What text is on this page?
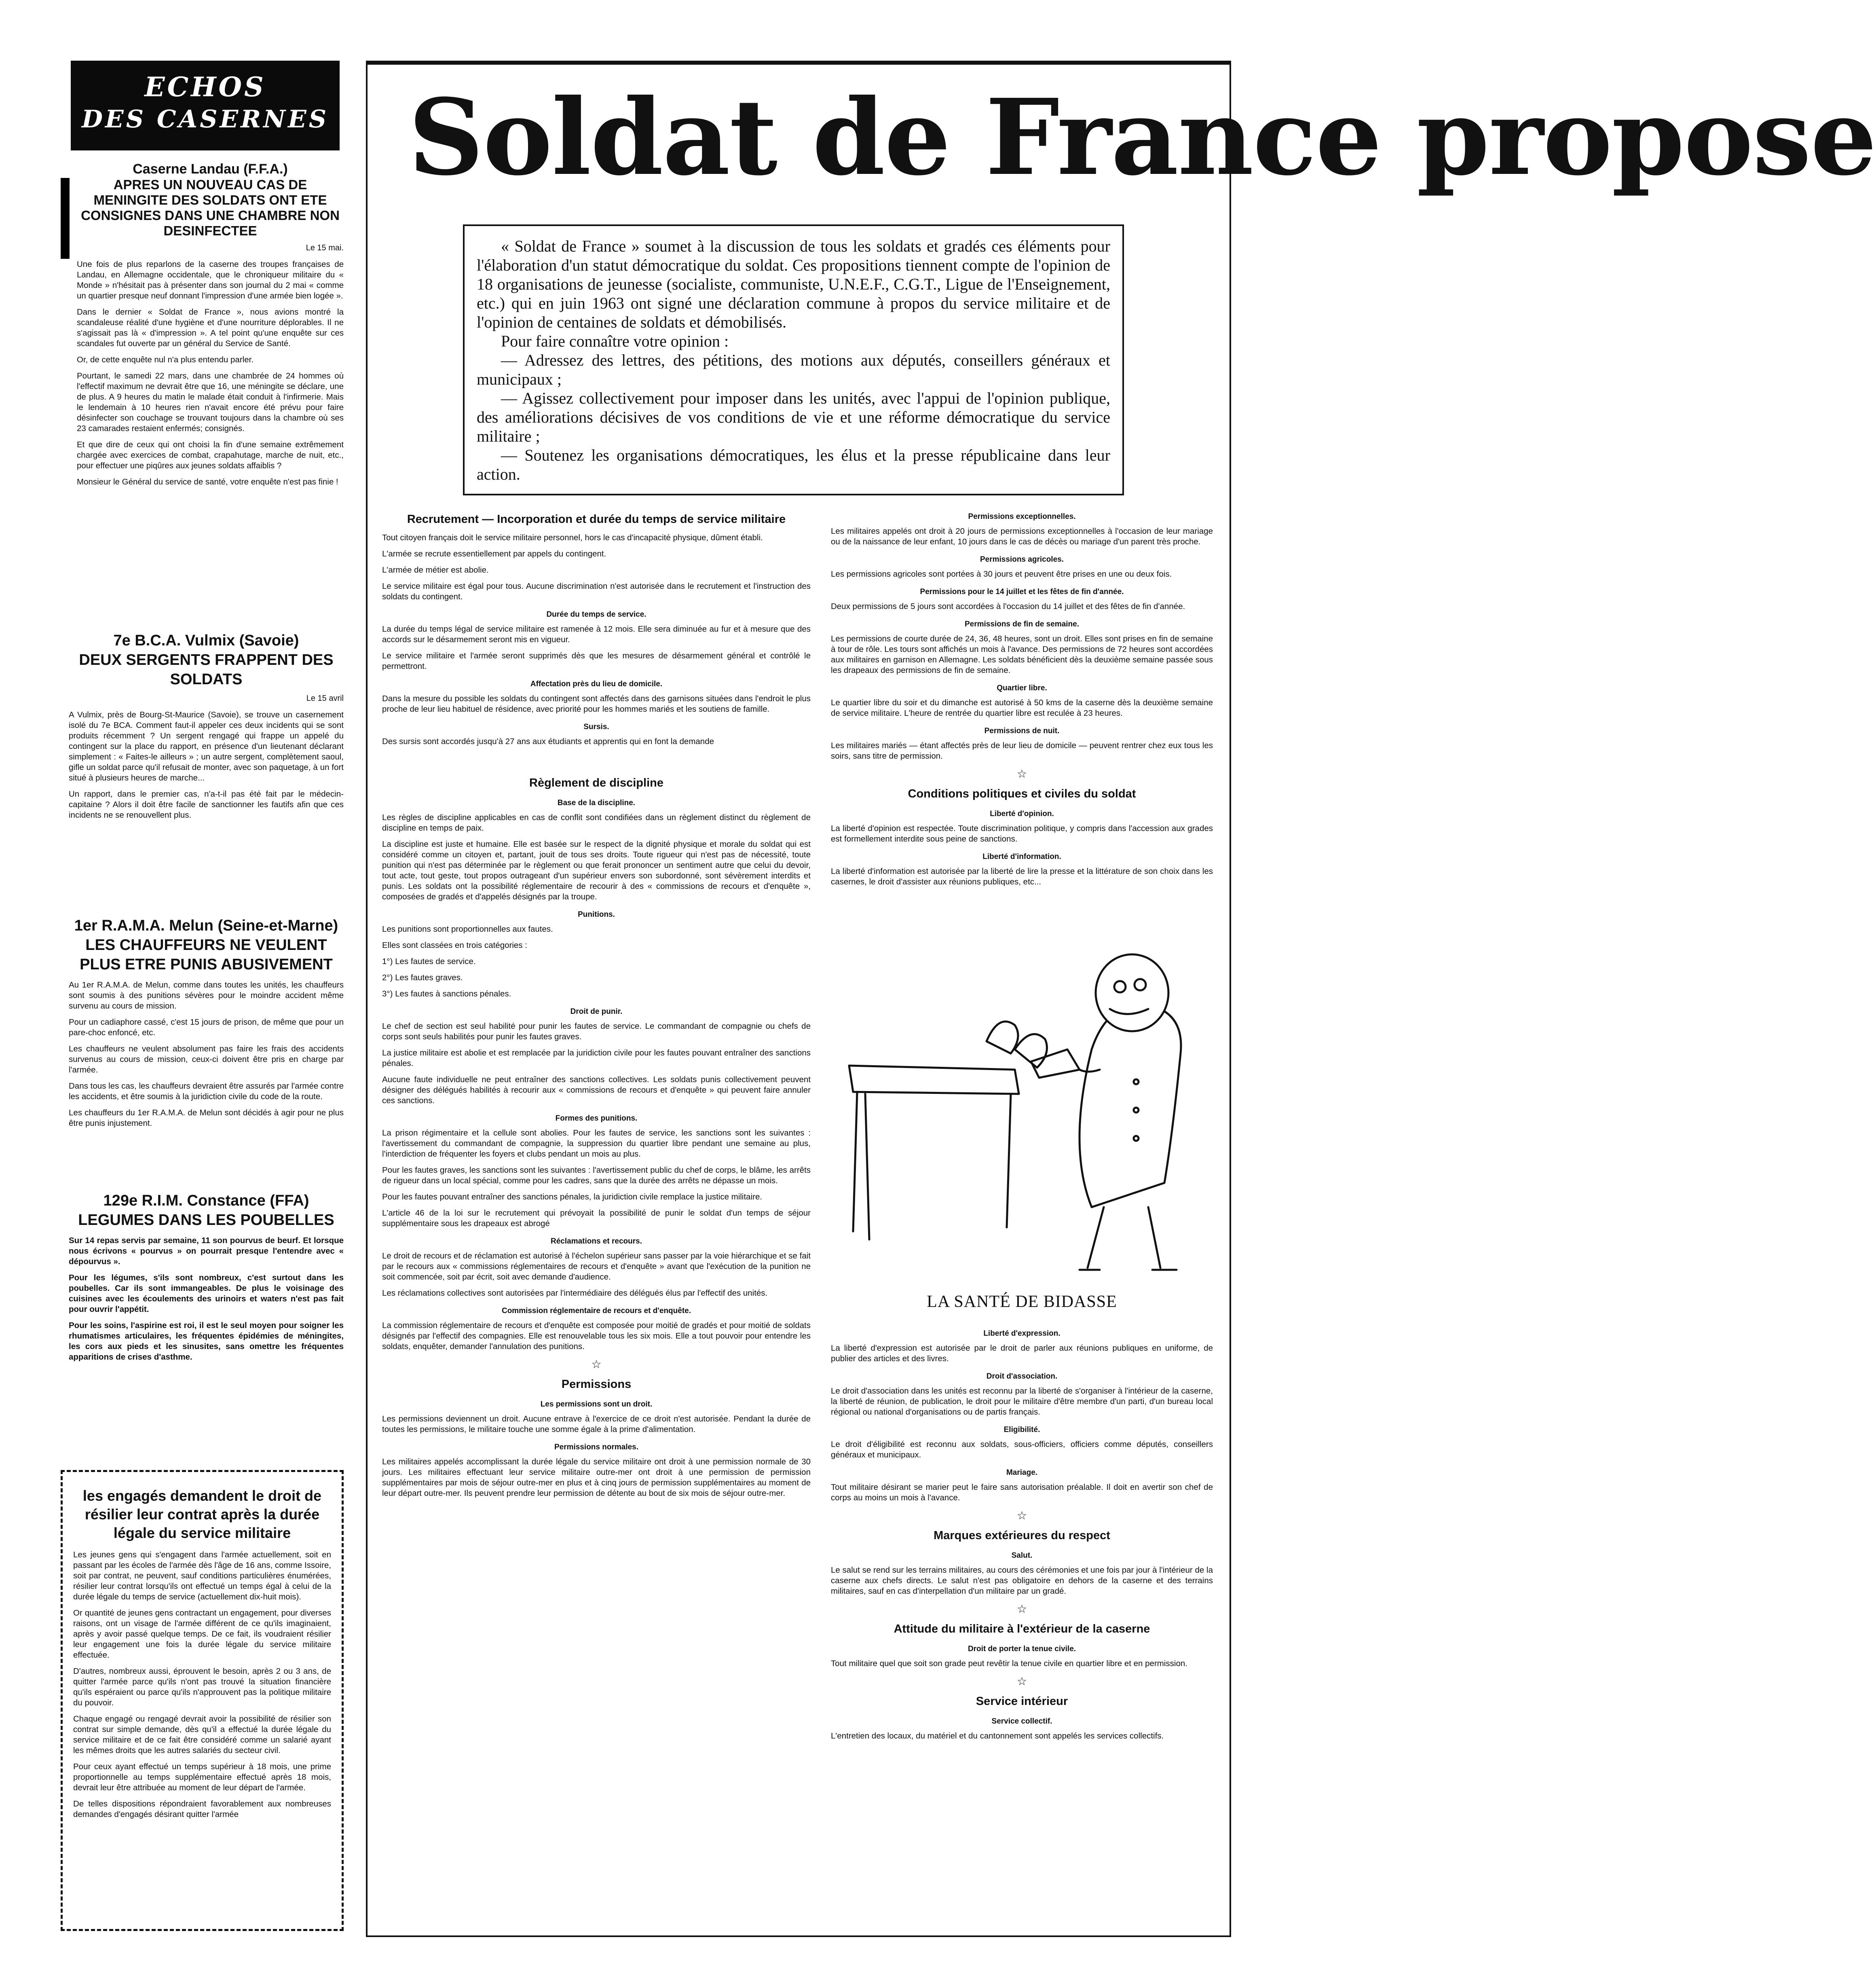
ECHOS
DES CASERNES

Caserne Landau (F.F.A.)

APRES UN NOUVEAU CAS DE MENINGITE DES SOLDATS ONT ETE CONSIGNES DANS UNE CHAMBRE NON DESINFECTEE

Le 15 mai.

Une fois de plus reparlons de la caserne des troupes françaises de Landau, en Allemagne occidentale, que le chroniqueur militaire du « Monde » n'hésitait pas à présenter dans son journal du 2 mai « comme un quartier presque neuf donnant l'impression d'une armée bien logée ».

Dans le dernier « Soldat de France », nous avions montré la scandaleuse réalité d'une hygiène et d'une nourriture déplorables. Il ne s'agissait pas là « d'impression ». A tel point qu'une enquête sur ces scandales fut ouverte par un général du Service de Santé.

Or, de cette enquête nul n'a plus entendu parler.

Pourtant, le samedi 22 mars, dans une chambrée de 24 hommes où l'effectif maximum ne devrait être que 16, une méningite se déclare, une de plus. A 9 heures du matin le malade était conduit à l'infirmerie. Mais le lendemain à 10 heures rien n'avait encore été prévu pour faire désinfecter son couchage se trouvant toujours dans la chambre où ses 23 camarades restaient enfermés; consignés.

Et que dire de ceux qui ont choisi la fin d'une semaine extrêmement chargée avec exercices de combat, crapahutage, marche de nuit, etc., pour effectuer une piqûres aux jeunes soldats affaiblis ?

Monsieur le Général du service de santé, votre enquête n'est pas finie !

7e B.C.A. Vulmix (Savoie)

DEUX SERGENTS FRAPPENT DES SOLDATS

Le 15 avril

A Vulmix, près de Bourg-St-Maurice (Savoie), se trouve un casernement isolé du 7e BCA. Comment faut-il appeler ces deux incidents qui se sont produits récemment ? Un sergent rengagé qui frappe un appelé du contingent sur la place du rapport, en présence d'un lieutenant déclarant simplement : « Faites-le ailleurs » ; un autre sergent, complètement saoul, gifle un soldat parce qu'il refusait de monter, avec son paquetage, à un fort situé à plusieurs heures de marche...

Un rapport, dans le premier cas, n'a-t-il pas été fait par le médecin-capitaine ? Alors il doit être facile de sanctionner les fautifs afin que ces incidents ne se renouvellent plus.

1er R.A.M.A. Melun (Seine-et-Marne)

LES CHAUFFEURS NE VEULENT PLUS ETRE PUNIS ABUSIVEMENT

Au 1er R.A.M.A. de Melun, comme dans toutes les unités, les chauffeurs sont soumis à des punitions sévères pour le moindre accident même survenu au cours de mission.

Pour un cadiaphore cassé, c'est 15 jours de prison, de même que pour un pare-choc enfoncé, etc.

Les chauffeurs ne veulent absolument pas faire les frais des accidents survenus au cours de mission, ceux-ci doivent être pris en charge par l'armée.

Dans tous les cas, les chauffeurs devraient être assurés par l'armée contre les accidents, et être soumis à la juridiction civile du code de la route.

Les chauffeurs du 1er R.A.M.A. de Melun sont décidés à agir pour ne plus être punis injustement.

129e R.I.M. Constance (FFA)

LEGUMES DANS LES POUBELLES

Sur 14 repas servis par semaine, 11 son pourvus de beurf. Et lorsque nous écrivons « pourvus » on pourrait presque l'entendre avec « dépourvus ».

Pour les légumes, s'ils sont nombreux, c'est surtout dans les poubelles. Car ils sont immangeables. De plus le voisinage des cuisines avec les écoulements des urinoirs et waters n'est pas fait pour ouvrir l'appétit.

Pour les soins, l'aspirine est roi, il est le seul moyen pour soigner les rhumatismes articulaires, les fréquentes épidémies de méningites, les cors aux pieds et les sinusites, sans omettre les fréquentes apparitions de crises d'asthme.

les engagés demandent le droit de résilier leur contrat après la durée légale du service militaire

Les jeunes gens qui s'engagent dans l'armée actuellement, soit en passant par les écoles de l'armée dès l'âge de 16 ans, comme Issoire, soit par contrat, ne peuvent, sauf conditions particulières énumérées, résilier leur contrat lorsqu'ils ont effectué un temps égal à celui de la durée légale du temps de service (actuellement dix-huit mois).

Or quantité de jeunes gens contractant un engagement, pour diverses raisons, ont un visage de l'armée différent de ce qu'ils imaginaient, après y avoir passé quelque temps. De ce fait, ils voudraient résilier leur engagement une fois la durée légale du service militaire effectuée.

D'autres, nombreux aussi, éprouvent le besoin, après 2 ou 3 ans, de quitter l'armée parce qu'ils n'ont pas trouvé la situation financière qu'ils espéraient ou parce qu'ils n'approuvent pas la politique militaire du pouvoir.

Chaque engagé ou rengagé devrait avoir la possibilité de résilier son contrat sur simple demande, dès qu'il a effectué la durée légale du service militaire et de ce fait être considéré comme un salarié ayant les mêmes droits que les autres salariés du secteur civil.

Pour ceux ayant effectué un temps supérieur à 18 mois, une prime proportionnelle au temps supplémentaire effectué après 18 mois, devrait leur être attribuée au moment de leur départ de l'armée.

De telles dispositions répondraient favorablement aux nombreuses demandes d'engagés désirant quitter l'armée

Soldat de France propose

« Soldat de France » soumet à la discussion de tous les soldats et gradés ces éléments pour l'élaboration d'un statut démocratique du soldat. Ces propositions tiennent compte de l'opinion de 18 organisations de jeunesse (socialiste, communiste, U.N.E.F., C.G.T., Ligue de l'Enseignement, etc.) qui en juin 1963 ont signé une déclaration commune à propos du service militaire et de l'opinion de centaines de soldats et démobilisés.

Pour faire connaître votre opinion :

— Adressez des lettres, des pétitions, des motions aux députés, conseillers généraux et municipaux ;

— Agissez collectivement pour imposer dans les unités, avec l'appui de l'opinion publique, des améliorations décisives de vos conditions de vie et une réforme démocratique du service militaire ;

— Soutenez les organisations démocratiques, les élus et la presse républicaine dans leur action.

Recrutement — Incorporation et durée du temps de service militaire

Tout citoyen français doit le service militaire personnel, hors le cas d'incapacité physique, dûment établi.

L'armée se recrute essentiellement par appels du contingent.

L'armée de métier est abolie.

Le service militaire est égal pour tous. Aucune discrimination n'est autorisée dans le recrutement et l'instruction des soldats du contingent.

Durée du temps de service.

La durée du temps légal de service militaire est ramenée à 12 mois. Elle sera diminuée au fur et à mesure que des accords sur le désarmement seront mis en vigueur.

Le service militaire et l'armée seront supprimés dès que les mesures de désarmement général et contrôlé le permettront.

Affectation près du lieu de domicile.

Dans la mesure du possible les soldats du contingent sont affectés dans des garnisons situées dans l'endroit le plus proche de leur lieu habituel de résidence, avec priorité pour les hommes mariés et les soutiens de famille.

Sursis.

Des sursis sont accordés jusqu'à 27 ans aux étudiants et apprentis qui en font la demande

Règlement de discipline
Base de la discipline.

Les règles de discipline applicables en cas de conflit sont condifiées dans un règlement distinct du règlement de discipline en temps de paix.

La discipline est juste et humaine. Elle est basée sur le respect de la dignité physique et morale du soldat qui est considéré comme un citoyen et, partant, jouit de tous ses droits. Toute rigueur qui n'est pas de nécessité, toute punition qui n'est pas déterminée par le règlement ou que ferait prononcer un sentiment autre que celui du devoir, tout acte, tout geste, tout propos outrageant d'un supérieur envers son subordonné, sont sévèrement interdits et punis. Les soldats ont la possibilité réglementaire de recourir à des « commissions de recours et d'enquête », composées de gradés et d'appelés désignés par la troupe.

Punitions.

Les punitions sont proportionnelles aux fautes.

Elles sont classées en trois catégories :

1°) Les fautes de service.

2°) Les fautes graves.

3°) Les fautes à sanctions pénales.

Droit de punir.

Le chef de section est seul habilité pour punir les fautes de service. Le commandant de compagnie ou chefs de corps sont seuls habilités pour punir les fautes graves.

La justice militaire est abolie et est remplacée par la juridiction civile pour les fautes pouvant entraîner des sanctions pénales.

Aucune faute individuelle ne peut entraîner des sanctions collectives. Les soldats punis collectivement peuvent désigner des délégués habilités à recourir aux « commissions de recours et d'enquête » qui peuvent faire annuler ces sanctions.

Formes des punitions.

La prison régimentaire et la cellule sont abolies. Pour les fautes de service, les sanctions sont les suivantes : l'avertissement du commandant de compagnie, la suppression du quartier libre pendant une semaine au plus, l'interdiction de fréquenter les foyers et clubs pendant un mois au plus.

Pour les fautes graves, les sanctions sont les suivantes : l'avertissement public du chef de corps, le blâme, les arrêts de rigueur dans un local spécial, comme pour les cadres, sans que la durée des arrêts ne dépasse un mois.

Pour les fautes pouvant entraîner des sanctions pénales, la juridiction civile remplace la justice militaire.

L'article 46 de la loi sur le recrutement qui prévoyait la possibilité de punir le soldat d'un temps de séjour supplémentaire sous les drapeaux est abrogé

Réclamations et recours.

Le droit de recours et de réclamation est autorisé à l'échelon supérieur sans passer par la voie hiérarchique et se fait par le recours aux « commissions réglementaires de recours et d'enquête » avant que l'exécution de la punition ne soit commencée, soit par écrit, soit avec demande d'audience.

Les réclamations collectives sont autorisées par l'intermédiaire des délégués élus par l'effectif des unités.

Commission réglementaire de recours et d'enquête.

La commission réglementaire de recours et d'enquête est composée pour moitié de gradés et pour moitié de soldats désignés par l'effectif des compagnies. Elle est renouvelable tous les six mois. Elle a tout pouvoir pour entendre les soldats, enquêter, demander l'annulation des punitions.

☆
Permissions
Les permissions sont un droit.

Les permissions deviennent un droit. Aucune entrave à l'exercice de ce droit n'est autorisée. Pendant la durée de toutes les permissions, le militaire touche une somme égale à la prime d'alimentation.

Permissions normales.

Les militaires appelés accomplissant la durée légale du service militaire ont droit à une permission normale de 30 jours. Les militaires effectuant leur service militaire outre-mer ont droit à une permission de permission supplémentaires par mois de séjour outre-mer en plus et à cinq jours de permission supplémentaires au moment de leur départ outre-mer. Ils peuvent prendre leur permission de détente au bout de six mois de séjour outre-mer.

Permissions exceptionnelles.

Les militaires appelés ont droit à 20 jours de permissions exceptionnelles à l'occasion de leur mariage ou de la naissance de leur enfant, 10 jours dans le cas de décès ou mariage d'un parent très proche.

Permissions agricoles.

Les permissions agricoles sont portées à 30 jours et peuvent être prises en une ou deux fois.

Permissions pour le 14 juillet et les fêtes de fin d'année.

Deux permissions de 5 jours sont accordées à l'occasion du 14 juillet et des fêtes de fin d'année.

Permissions de fin de semaine.

Les permissions de courte durée de 24, 36, 48 heures, sont un droit. Elles sont prises en fin de semaine à tour de rôle. Les tours sont affichés un mois à l'avance. Des permissions de 72 heures sont accordées aux militaires en garnison en Allemagne. Les soldats bénéficient dès la deuxième semaine passée sous les drapeaux des permissions de fin de semaine.

Quartier libre.

Le quartier libre du soir et du dimanche est autorisé à 50 kms de la caserne dès la deuxième semaine de service militaire. L'heure de rentrée du quartier libre est reculée à 23 heures.

Permissions de nuit.

Les militaires mariés — étant affectés près de leur lieu de domicile — peuvent rentrer chez eux tous les soirs, sans titre de permission.

☆
Conditions politiques et civiles du soldat
Liberté d'opinion.

La liberté d'opinion est respectée. Toute discrimination politique, y compris dans l'accession aux grades est formellement interdite sous peine de sanctions.

Liberté d'information.

La liberté d'information est autorisée par la liberté de lire la presse et la littérature de son choix dans les casernes, le droit d'assister aux réunions publiques, etc...

LA SANTÉ DE BIDASSE
Liberté d'expression.

La liberté d'expression est autorisée par le droit de parler aux réunions publiques en uniforme, de publier des articles et des livres.

Droit d'association.

Le droit d'association dans les unités est reconnu par la liberté de s'organiser à l'intérieur de la caserne, la liberté de réunion, de publication, le droit pour le militaire d'être membre d'un parti, d'un bureau local régional ou national d'organisations ou de partis français.

Eligibilité.

Le droit d'éligibilité est reconnu aux soldats, sous-officiers, officiers comme députés, conseillers généraux et municipaux.

Mariage.

Tout militaire désirant se marier peut le faire sans autorisation préalable. Il doit en avertir son chef de corps au moins un mois à l'avance.

☆
Marques extérieures du respect
Salut.

Le salut se rend sur les terrains militaires, au cours des cérémonies et une fois par jour à l'intérieur de la caserne aux chefs directs. Le salut n'est pas obligatoire en dehors de la caserne et des terrains militaires, sauf en cas d'interpellation d'un militaire par un gradé.

☆
Attitude du militaire à l'extérieur de la caserne
Droit de porter la tenue civile.

Tout militaire quel que soit son grade peut revêtir la tenue civile en quartier libre et en permission.

☆
Service intérieur
Service collectif.

L'entretien des locaux, du matériel et du cantonnement sont appelés les services collectifs.
